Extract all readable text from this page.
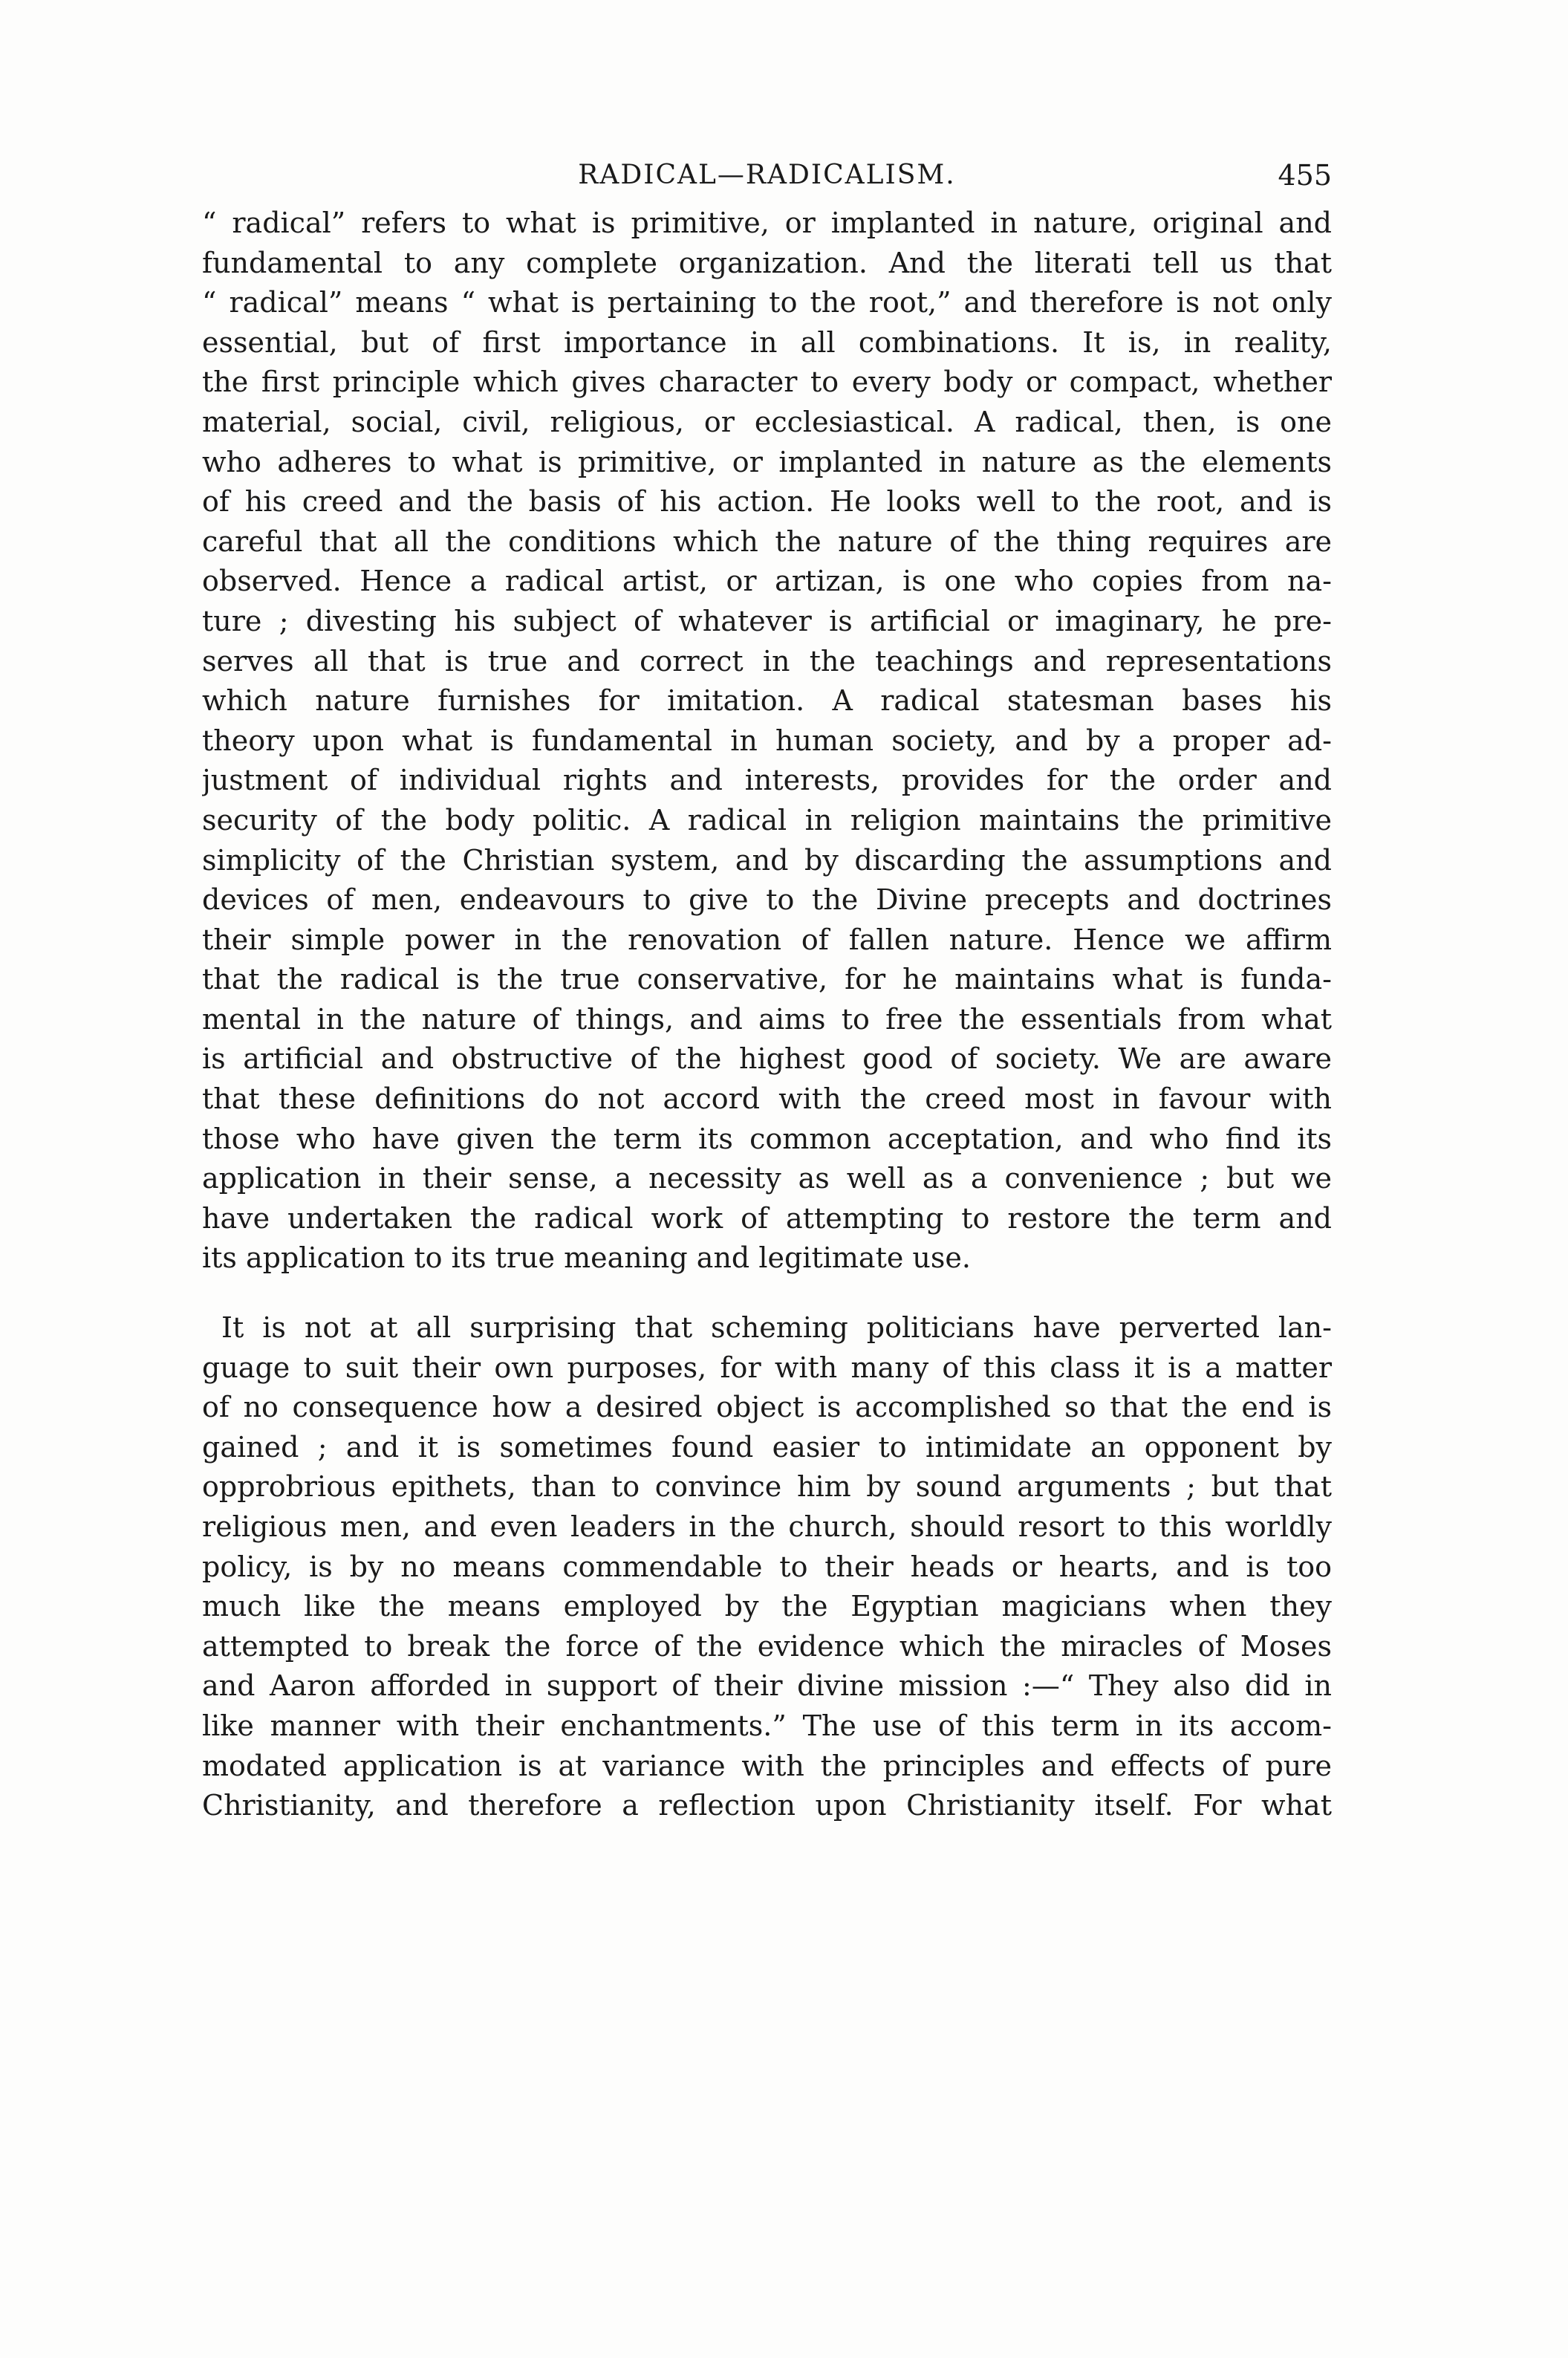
RADICAL—RADICALISM.	455
“ radical” refers to what is primitive, or implanted in nature, original and
fundamental to any complete organization. And the literati tell us that
“ radical” means “ what is pertaining to the root,” and therefore is not only
essential, but of first importance in all combinations. It is, in reality,
the first principle which gives character to every body or compact, whether
material, social, civil, religious, or ecclesiastical. A radical, then, is one
who adheres to what is primitive, or implanted in nature as the elements
of his creed and the basis of his action. He looks well to the root, and is
careful that all the conditions which the nature of the thing requires are
observed. Hence a radical artist, or artizan, is one who copies from na-
ture ; divesting his subject of whatever is artificial or imaginary, he pre-
serves all that is true and correct in the teachings and representations
which nature furnishes for imitation. A radical statesman bases his
theory upon what is fundamental in human society, and by a proper ad-
justment of individual rights and interests, provides for the order and
security of the body politic. A radical in religion maintains the primitive
simplicity of the Christian system, and by discarding the assumptions and
devices of men, endeavours to give to the Divine precepts and doctrines
their simple power in the renovation of fallen nature. Hence we affirm
that the radical is the true conservative, for he maintains what is funda-
mental in the nature of things, and aims to free the essentials from what
is artificial and obstructive of the highest good of society. We are aware
that these definitions do not accord with the creed most in favour with
those who have given the term its common acceptation, and who find its
application in their sense, a necessity as well as a convenience ; but we
have undertaken the radical work of attempting to restore the term and
its application to its true meaning and legitimate use.
It is not at all surprising that scheming politicians have perverted lan-
guage to suit their own purposes, for with many of this class it is a matter
of no consequence how a desired object is accomplished so that the end is
gained ; and it is sometimes found easier to intimidate an opponent by
opprobrious epithets, than to convince him by sound arguments ; but that
religious men, and even leaders in the church, should resort to this worldly
policy, is by no means commendable to their heads or hearts, and is too
much like the means employed by the Egyptian magicians when they
attempted to break the force of the evidence which the miracles of Moses
and Aaron afforded in support of their divine mission :—“ They also did in
like manner with their enchantments.” The use of this term in its accom-
modated application is at variance with the principles and effects of pure
Christianity, and therefore a reflection upon Christianity itself. For what
